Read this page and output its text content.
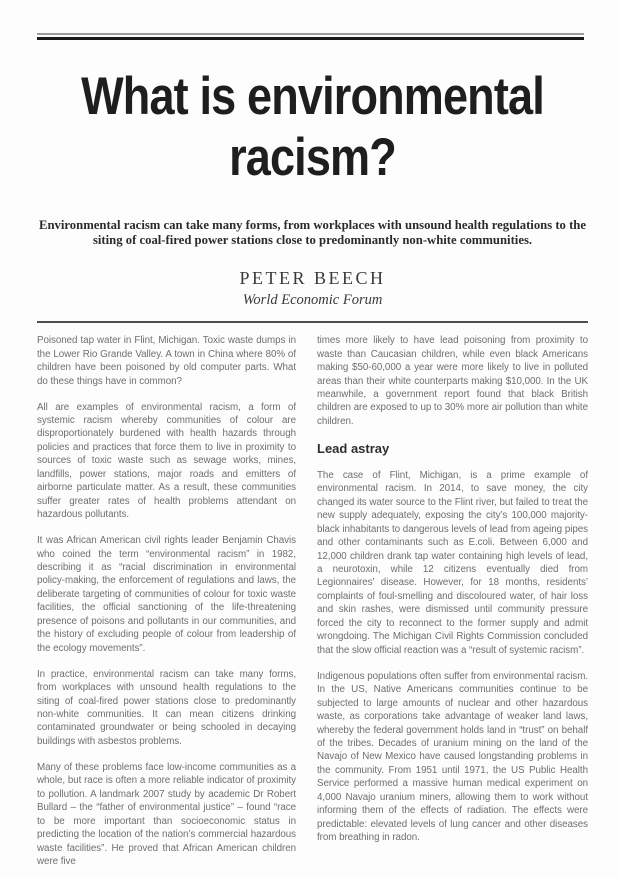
What is environmental
racism?

Environmental racism can take many forms, from workplaces with unsound health regulations to the siting of coal-fired power stations close to predominantly non-white communities.

PETER BEECH
World Economic Forum

Poisoned tap water in Flint, Michigan. Toxic waste dumps in the Lower Rio Grande Valley. A town in China where 80% of children have been poisoned by old computer parts. What do these things have in common?

All are examples of environmental racism, a form of systemic racism whereby communities of colour are disproportionately burdened with health hazards through policies and practices that force them to live in proximity to sources of toxic waste such as sewage works, mines, landfills, power stations, major roads and emitters of airborne particulate matter. As a result, these communities suffer greater rates of health problems attendant on hazardous pollutants.

It was African American civil rights leader Benjamin Chavis who coined the term “environmental racism” in 1982, describing it as “racial discrimination in environmental policy-making, the enforcement of regulations and laws, the deliberate targeting of communities of colour for toxic waste facilities, the official sanctioning of the life-threatening presence of poisons and pollutants in our communities, and the history of excluding people of colour from leadership of the ecology movements”.

In practice, environmental racism can take many forms, from workplaces with unsound health regulations to the siting of coal-fired power stations close to predominantly non-white communities. It can mean citizens drinking contaminated groundwater or being schooled in decaying buildings with asbestos problems.

Many of these problems face low-income communities as a whole, but race is often a more reliable indicator of proximity to pollution. A landmark 2007 study by academic Dr Robert Bullard – the “father of environmental justice” – found “race to be more important than socioeconomic status in predicting the location of the nation’s commercial hazardous waste facilities”. He proved that African American children were five

times more likely to have lead poisoning from proximity to waste than Caucasian children, while even black Americans making $50-60,000 a year were more likely to live in polluted areas than their white counterparts making $10,000. In the UK meanwhile, a government report found that black British children are exposed to up to 30% more air pollution than white children.

Lead astray

The case of Flint, Michigan, is a prime example of environmental racism. In 2014, to save money, the city changed its water source to the Flint river, but failed to treat the new supply adequately, exposing the city’s 100,000 majority-black inhabitants to dangerous levels of lead from ageing pipes and other contaminants such as E.coli. Between 6,000 and 12,000 children drank tap water containing high levels of lead, a neurotoxin, while 12 citizens eventually died from Legionnaires’ disease. However, for 18 months, residents’ complaints of foul-smelling and discoloured water, of hair loss and skin rashes, were dismissed until community pressure forced the city to reconnect to the former supply and admit wrongdoing. The Michigan Civil Rights Commission concluded that the slow official reaction was a “result of systemic racism”.

Indigenous populations often suffer from environmental racism. In the US, Native Americans communities continue to be subjected to large amounts of nuclear and other hazardous waste, as corporations take advantage of weaker land laws, whereby the federal government holds land in “trust” on behalf of the tribes. Decades of uranium mining on the land of the Navajo of New Mexico have caused longstanding problems in the community. From 1951 until 1971, the US Public Health Service performed a massive human medical experiment on 4,000 Navajo uranium miners, allowing them to work without informing them of the effects of radiation. The effects were predictable: elevated levels of lung cancer and other diseases from breathing in radon.
